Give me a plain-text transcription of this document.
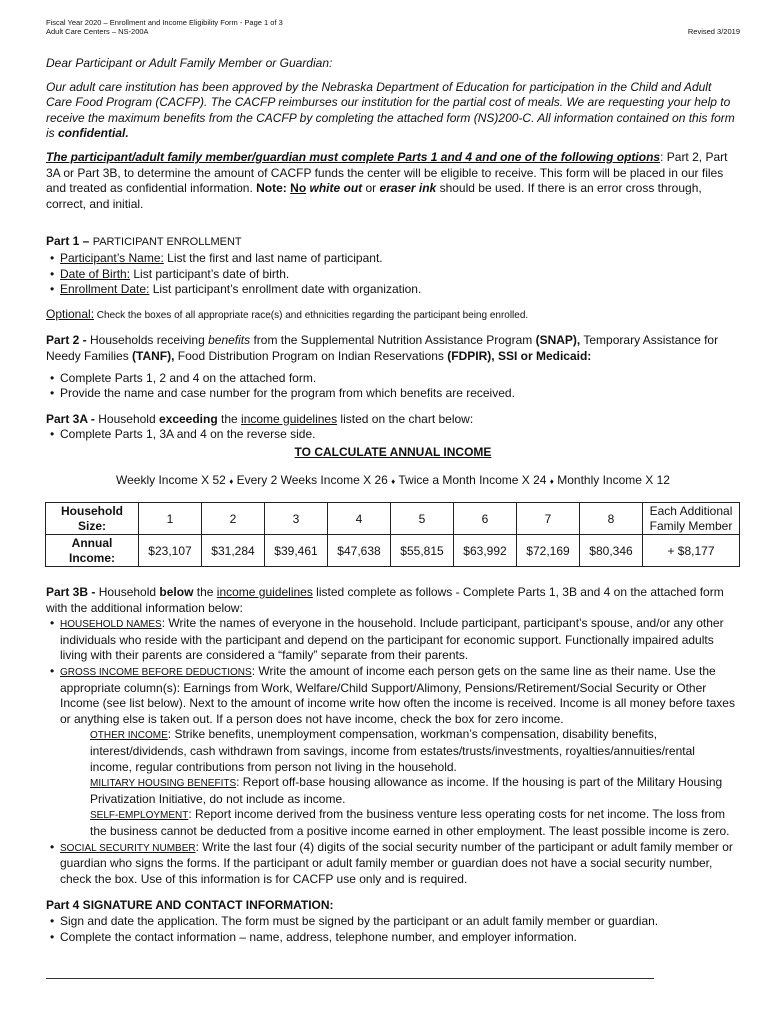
Fiscal Year 2020 – Enrollment and Income Eligibility Form - Page 1 of 3
Adult Care Centers – NS-200A	Revised 3/2019

Dear Participant or Adult Family Member or Guardian:

Our adult care institution has been approved by the Nebraska Department of Education for participation in the Child and Adult Care Food Program (CACFP). The CACFP reimburses our institution for the partial cost of meals. We are requesting your help to receive the maximum benefits from the CACFP by completing the attached form (NS)200-C. All information contained on this form is confidential.

The participant/adult family member/guardian must complete Parts 1 and 4 and one of the following options: Part 2, Part 3A or Part 3B, to determine the amount of CACFP funds the center will be eligible to receive. This form will be placed in our files and treated as confidential information. Note: No white out or eraser ink should be used. If there is an error cross through, correct, and initial.

Part 1 – PARTICIPANT ENROLLMENT

• Participant’s Name: List the first and last name of participant.
• Date of Birth: List participant’s date of birth.
• Enrollment Date: List participant’s enrollment date with organization.

Optional: Check the boxes of all appropriate race(s) and ethnicities regarding the participant being enrolled.

Part 2 - Households receiving benefits from the Supplemental Nutrition Assistance Program (SNAP), Temporary Assistance for Needy Families (TANF), Food Distribution Program on Indian Reservations (FDPIR), SSI or Medicaid:

• Complete Parts 1, 2 and 4 on the attached form.
• Provide the name and case number for the program from which benefits are received.

Part 3A - Household exceeding the income guidelines listed on the chart below:

• Complete Parts 1, 3A and 4 on the reverse side.

TO CALCULATE ANNUAL INCOME

Weekly Income X 52 ♦ Every 2 Weeks Income X 26 ♦ Twice a Month Income X 24 ♦ Monthly Income X 12

Household Size:	1	2	3	4	5	6	7	8	Each Additional Family Member
Annual Income:	$23,107	$31,284	$39,461	$47,638	$55,815	$63,992	$72,169	$80,346	+ $8,177

Part 3B - Household below the income guidelines listed complete as follows - Complete Parts 1, 3B and 4 on the attached form with the additional information below:

• HOUSEHOLD NAMES: Write the names of everyone in the household. Include participant, participant’s spouse, and/or any other individuals who reside with the participant and depend on the participant for economic support. Functionally impaired adults living with their parents are considered a “family” separate from their parents.
• GROSS INCOME BEFORE DEDUCTIONS: Write the amount of income each person gets on the same line as their name. Use the appropriate column(s): Earnings from Work, Welfare/Child Support/Alimony, Pensions/Retirement/Social Security or Other Income (see list below). Next to the amount of income write how often the income is received. Income is all money before taxes or anything else is taken out. If a person does not have income, check the box for zero income.
OTHER INCOME: Strike benefits, unemployment compensation, workman’s compensation, disability benefits, interest/dividends, cash withdrawn from savings, income from estates/trusts/investments, royalties/annuities/rental income, regular contributions from person not living in the household.
MILITARY HOUSING BENEFITS: Report off-base housing allowance as income. If the housing is part of the Military Housing Privatization Initiative, do not include as income.
SELF-EMPLOYMENT: Report income derived from the business venture less operating costs for net income. The loss from the business cannot be deducted from a positive income earned in other employment. The least possible income is zero.
• SOCIAL SECURITY NUMBER: Write the last four (4) digits of the social security number of the participant or adult family member or guardian who signs the forms. If the participant or adult family member or guardian does not have a social security number, check the box. Use of this information is for CACFP use only and is required.

Part 4 SIGNATURE AND CONTACT INFORMATION:

• Sign and date the application. The form must be signed by the participant or an adult family member or guardian.
• Complete the contact information – name, address, telephone number, and employer information.
